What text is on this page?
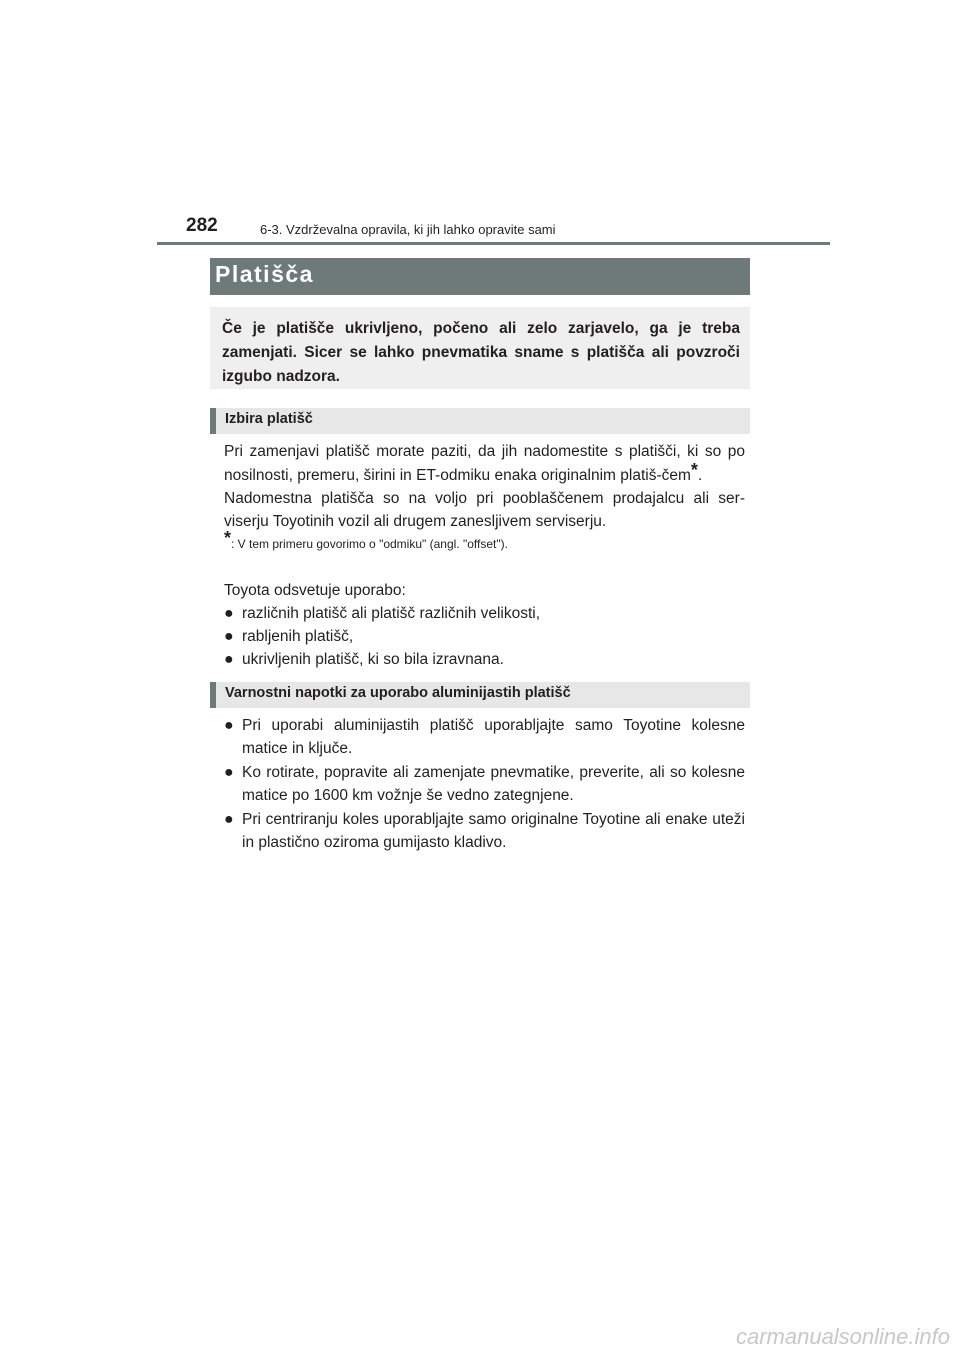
282	6-3. Vzdrževalna opravila, ki jih lahko opravite sami
Platišča

Če je platišče ukrivljeno, počeno ali zelo zarjavelo, ga je treba zamenjati. Sicer se lahko pnevmatika sname s platišča ali povzroči izgubo nadzora.

Izbira platišč

Pri zamenjavi platišč morate paziti, da jih nadomestite s platišči, ki so po nosilnosti, premeru, širini in ET-odmiku enaka originalnim platiš-čem*.

Nadomestna platišča so na voljo pri pooblaščenem prodajalcu ali ser-viserju Toyotinih vozil ali drugem zanesljivem serviserju.

*: V tem primeru govorimo o "odmiku" (angl. "offset").

Toyota odsvetuje uporabo:
● različnih platišč ali platišč različnih velikosti,
● rabljenih platišč,
● ukrivljenih platišč, ki so bila izravnana.
Varnostni napotki za uporabo aluminijastih platišč
● Pri uporabi aluminijastih platišč uporabljajte samo Toyotine kolesne matice in ključe.
● Ko rotirate, popravite ali zamenjate pnevmatike, preverite, ali so kolesne matice po 1600 km vožnje še vedno zategnjene.
● Pri centriranju koles uporabljajte samo originalne Toyotine ali enake uteži in plastično oziroma gumijasto kladivo.
carmanualsonline.info
